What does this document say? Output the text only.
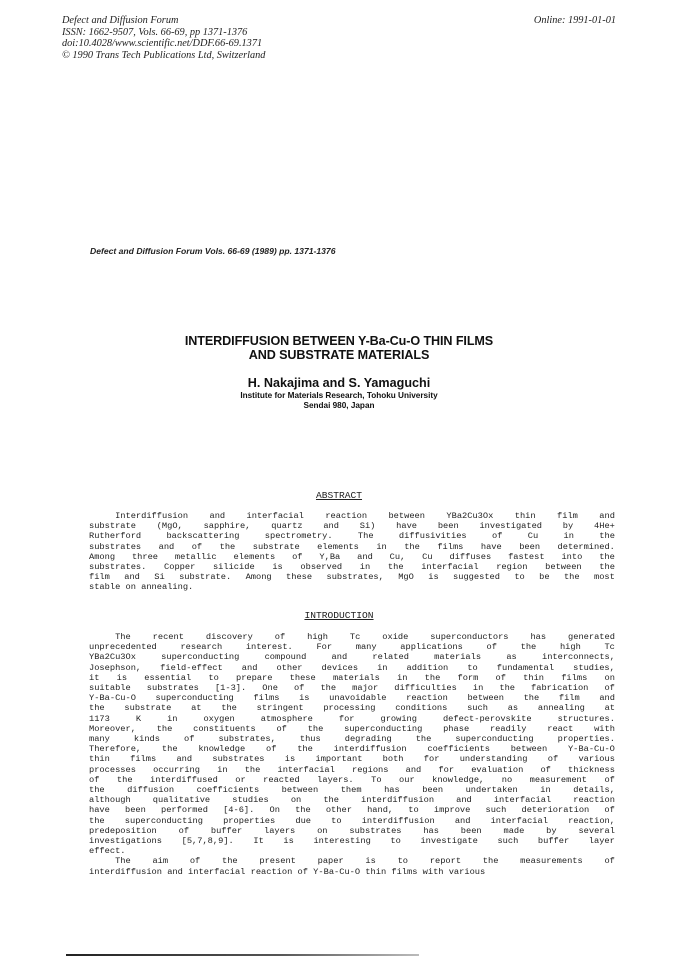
Defect and Diffusion Forum
ISSN: 1662-9507, Vols. 66-69, pp 1371-1376
doi:10.4028/www.scientific.net/DDF.66-69.1371
© 1990 Trans Tech Publications Ltd, Switzerland
Online: 1991-01-01
Defect and Diffusion Forum Vols. 66-69 (1989) pp. 1371-1376
INTERDIFFUSION BETWEEN Y-Ba-Cu-O THIN FILMS
AND SUBSTRATE MATERIALS
H. Nakajima and S. Yamaguchi
Institute for Materials Research, Tohoku University
Sendai 980, Japan
ABSTRACT
Interdiffusion and interfacial reaction between YBa2Cu3Ox thin film and
substrate (MgO, sapphire, quartz and Si) have been investigated by 4He+
Rutherford	backscattering	spectrometry.	The	diffusivities	of	Cu	in	the
substrates and of the substrate elements in the films have been determined.
Among three metallic elements of Y,Ba and Cu, Cu diffuses fastest into the
substrates. Copper silicide is observed in the interfacial region between the
film and Si substrate. Among these substrates, MgO is suggested to be the most
stable on annealing.
INTRODUCTION
The	recent	discovery	of	high	Tc	oxide	superconductors	has	generated
unprecedented	research	interest.	For	many	applications	of	the	high	Tc
YBa2Cu3Ox	superconducting	compound	and	related	materials	as	interconnects,
Josephson, field-effect and other devices in addition to fundamental studies,
it is essential to prepare these materials in the form of thin films on
suitable substrates [1-3]. One of the major difficulties in the fabrication of
Y-Ba-Cu-O superconducting films is unavoidable reaction between the film and
the substrate at the stringent processing conditions such as annealing at
1173	K	in	oxygen	atmosphere	for	growing	defect-perovskite	structures.
Moreover, the constituents of the superconducting phase readily react with
many	kinds	of	substrates,	thus	degrading	the	superconducting	properties.
Therefore, the knowledge of the interdiffusion coefficients between Y-Ba-Cu-O
thin films and substrates is important both for understanding of various
processes occurring in the interfacial regions and for evaluation of thickness
of the interdiffused or reacted layers. To our knowledge, no measurement of
the	diffusion	coefficients	between	them	has	been	undertaken	in	details,
although	qualitative	studies	on	the	interdiffusion	and	interfacial	reaction
have been performed [4-6]. On the other hand, to improve such deterioration of
the superconducting properties due to interdiffusion and interfacial reaction,
predeposition	of	buffer	layers	on	substrates	has	been	made	by	several
investigations [5,7,8,9]. It is interesting to investigate such buffer layer
effect.
The aim of the present paper is to report the measurements of
interdiffusion and interfacial reaction of Y-Ba-Cu-O thin films with various
